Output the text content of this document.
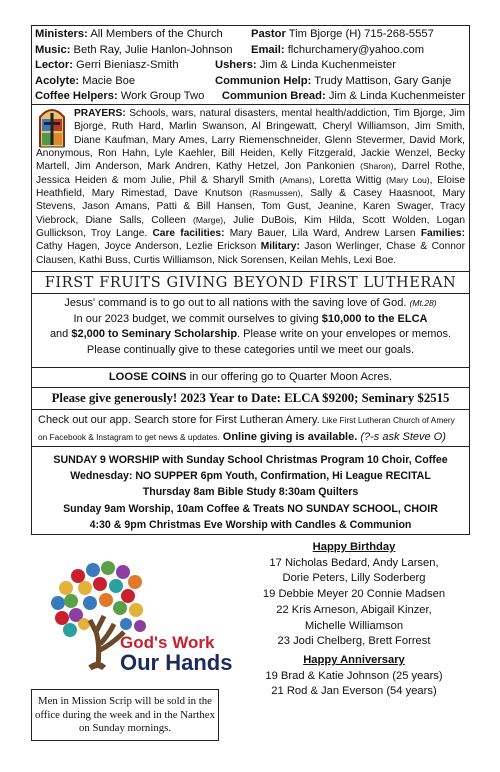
Ministers: All Members of the Church	Pastor Tim Bjorge (H) 715-268-5557
Music: Beth Ray, Julie Hanlon-Johnson	Email: flchurchamery@yahoo.com
Lector: Gerri Bieniasz-Smith	Ushers: Jim & Linda Kuchenmeister
Acolyte: Macie Boe	Communion Help: Trudy Mattison, Gary Ganje
Coffee Helpers: Work Group Two	Communion Bread: Jim & Linda Kuchenmeister
PRAYERS: Schools, wars, natural disasters, mental health/addiction, Tim Bjorge, Jim Bjorge, Ruth Hard, Marlin Swanson, Al Bringewatt, Cheryl Williamson, Jim Smith, Diane Kaufman, Mary Ames, Larry Riemenschneider, Glenn Stevermer, David Mork, Anonymous, Ron Hahn, Lyle Kaehler, Bill Heiden, Kelly Fitzgerald, Jackie Wenzel, Becky Martell, Jim Anderson, Mark Andren, Kathy Hetzel, Jon Pankonien (Sharon), Darrel Rothe, Jessica Heiden & mom Julie, Phil & Sharyll Smith (Amans), Loretta Wittig (Mary Lou), Eloise Heathfield, Mary Rimestad, Dave Knutson (Rasmussen), Sally & Casey Haasnoot, Mary Stevens, Jason Amans, Patti & Bill Hansen, Tom Gust, Jeanine, Karen Swager, Tracy Viebrock, Diane Salls, Colleen (Marge), Julie DuBois, Kim Hilda, Scott Wolden, Logan Gullickson, Troy Lange. Care facilities: Mary Bauer, Lila Ward, Andrew Larsen Families: Cathy Hagen, Joyce Anderson, Lezlie Erickson Military: Jason Werlinger, Chase & Connor Clausen, Kathi Buss, Curtis Williamson, Nick Sorensen, Keilan Mehls, Lexi Boe.
FIRST FRUITS GIVING BEYOND FIRST LUTHERAN
Jesus' command is to go out to all nations with the saving love of God. (Mt.28)
In our 2023 budget, we commit ourselves to giving $10,000 to the ELCA
and $2,000 to Seminary Scholarship. Please write on your envelopes or memos.
Please continually give to these categories until we meet our goals.
LOOSE COINS in our offering go to Quarter Moon Acres.
Please give generously! 2023 Year to Date: ELCA $9200; Seminary $2515
Check out our app. Search store for First Lutheran Amery. Like First Lutheran Church of Amery on Facebook & Instagram to get news & updates. Online giving is available. (?-s ask Steve O)
SUNDAY 9 WORSHIP with Sunday School Christmas Program 10 Choir, Coffee
Wednesday: NO SUPPER 6pm Youth, Confirmation, Hi League RECITAL
Thursday 8am Bible Study 8:30am Quilters
Sunday 9am Worship, 10am Coffee & Treats NO SUNDAY SCHOOL, CHOIR
4:30 & 9pm Christmas Eve Worship with Candles & Communion
God's Work
Our Hands
Men in Mission Scrip will be sold in the office during the week and in the Narthex on Sunday mornings.
Happy Birthday
17 Nicholas Bedard, Andy Larsen,
Dorie Peters, Lilly Soderberg
19 Debbie Meyer 20 Connie Madsen
22 Kris Arneson, Abigail Kinzer,
Michelle Williamson
23 Jodi Chelberg, Brett Forrest
Happy Anniversary
19 Brad & Katie Johnson (25 years)
21 Rod & Jan Everson (54 years)
